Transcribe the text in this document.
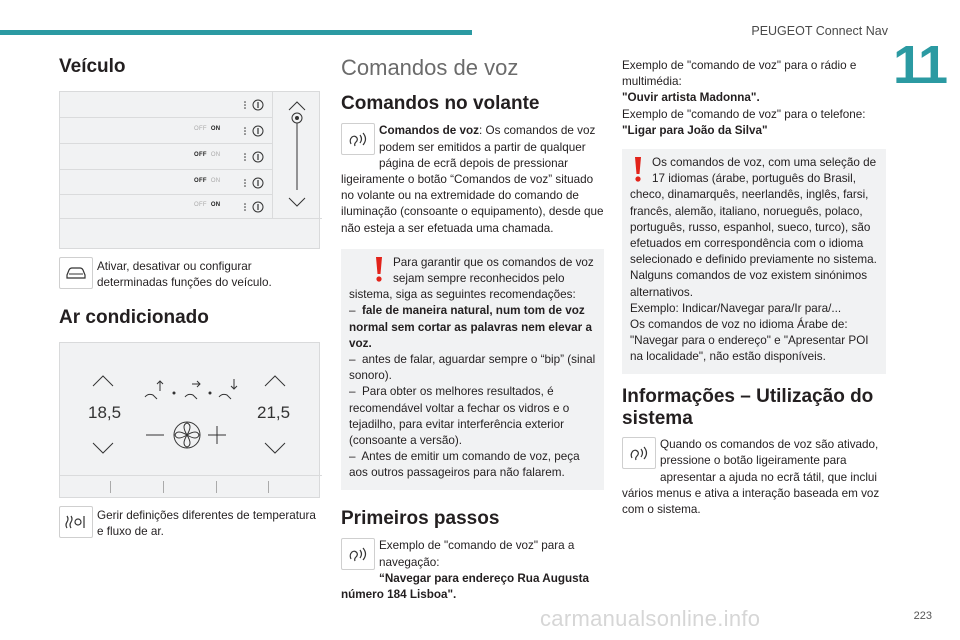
PEUGEOT Connect Nav
11
223
carmanualsonline.info
Veículo
OFF ON
OFF ON
OFF ON
OFF ON

Ativar, desativar ou configurar determinadas funções do veículo.

Ar condicionado
18,5	21,5

Gerir definições diferentes de temperatura e fluxo de ar.

Comandos de voz
Comandos no volante

Comandos de voz: Os comandos de voz podem ser emitidos a partir de qualquer página de ecrã depois de pressionar ligeiramente o botão “Comandos de voz” situado no volante ou na extremidade do comando de iluminação (consoante o equipamento), desde que não esteja a ser efetuada uma chamada.

Para garantir que os comandos de voz sejam sempre reconhecidos pelo sistema, siga as seguintes recomendações:

–  fale de maneira natural, num tom de voz normal sem cortar as palavras nem elevar a voz.

–  antes de falar, aguardar sempre o “bip” (sinal sonoro).

–  Para obter os melhores resultados, é recomendável voltar a fechar os vidros e o tejadilho, para evitar interferência exterior (consoante a versão).

–  Antes de emitir um comando de voz, peça aos outros passageiros para não falarem.

Primeiros passos

Exemplo de "comando de voz" para a navegação:

“Navegar para endereço Rua Augusta número 184 Lisboa".

Exemplo de "comando de voz" para o rádio e multimédia:

"Ouvir artista Madonna".

Exemplo de "comando de voz" para o telefone:

"Ligar para João da Silva"

Os comandos de voz, com uma seleção de 17 idiomas (árabe, português do Brasil, checo, dinamarquês, neerlandês, inglês, farsi, francês, alemão, italiano, norueguês, polaco, português, russo, espanhol, sueco, turco), são efetuados em correspondência com o idioma selecionado e definido previamente no sistema.

Nalguns comandos de voz existem sinónimos alternativos.

Exemplo: Indicar/Navegar para/Ir para/...

Os comandos de voz no idioma Árabe de: "Navegar para o endereço" e "Apresentar POI na localidade", não estão disponíveis.

Informações – Utilização do sistema

Quando os comandos de voz são ativado, pressione o botão ligeiramente para apresentar a ajuda no ecrã tátil, que inclui vários menus e ativa a interação baseada em voz com o sistema.
